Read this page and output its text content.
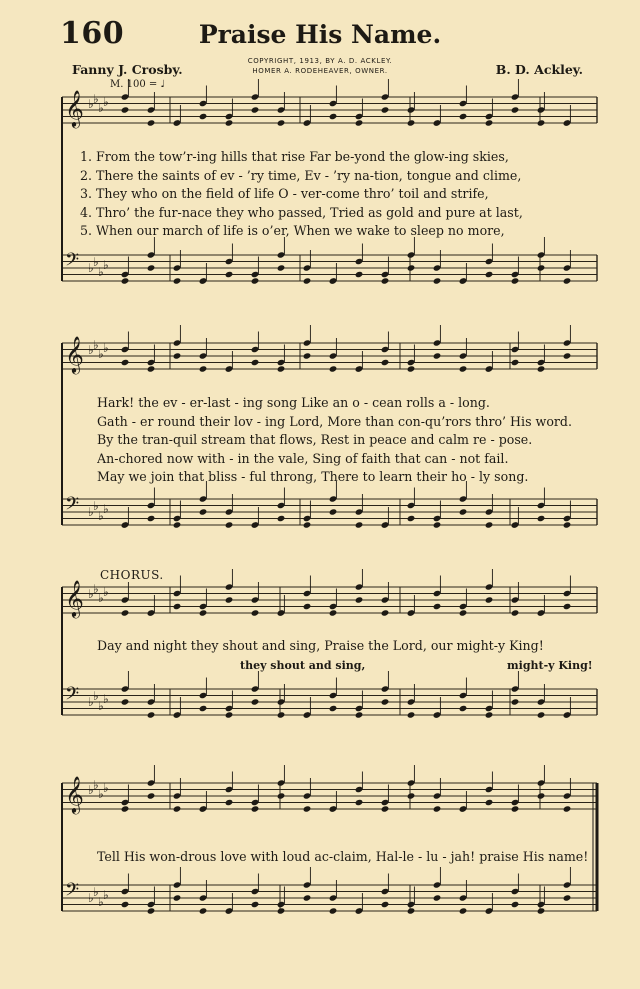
160	Praise His Name.
Fanny J. Crosby.
COPYRIGHT, 1913, BY A. D. ACKLEY.
HOMER A. RODEHEAVER, OWNER.	B. D. Ackley.
M. 100 = ♩
𝄞 ♭ ♭
♭ ♭
𝄢 ♭ ♭
♭ ♭
𝄞 ♭ ♭
♭ ♭
𝄢 ♭ ♭
♭ ♭
𝄞 ♭ ♭
♭ ♭
𝄢 ♭ ♭
♭ ♭
𝄞 ♭ ♭
♭ ♭
𝄢 ♭ ♭
♭ ♭
1. From the tow’r-ing hills that rise Far be-yond the glow-ing skies,
2. There the saints of ev - ’ry time, Ev - ’ry na-tion, tongue and clime,
3. They who on the field of life O - ver-come thro’ toil and strife,
4. Thro’ the fur-nace they who passed, Tried as gold and pure at last,
5. When our march of life is o’er, When we wake to sleep no more,
Hark! the ev - er-last - ing song Like an o - cean rolls a - long.
Gath - er round their lov - ing Lord, More than con-qu’rors thro’ His word.
By the tran-quil stream that flows, Rest in peace and calm re - pose.
An-chored now with - in the vale, Sing of faith that can - not fail.
May we join that bliss - ful throng, There to learn their ho - ly song.
CHORUS.
Day and night they shout and sing, Praise the Lord, our might-y King!
they shout and sing,	might-y King!
Tell His won-drous love with loud ac-claim, Hal-le - lu - jah! praise His name!
